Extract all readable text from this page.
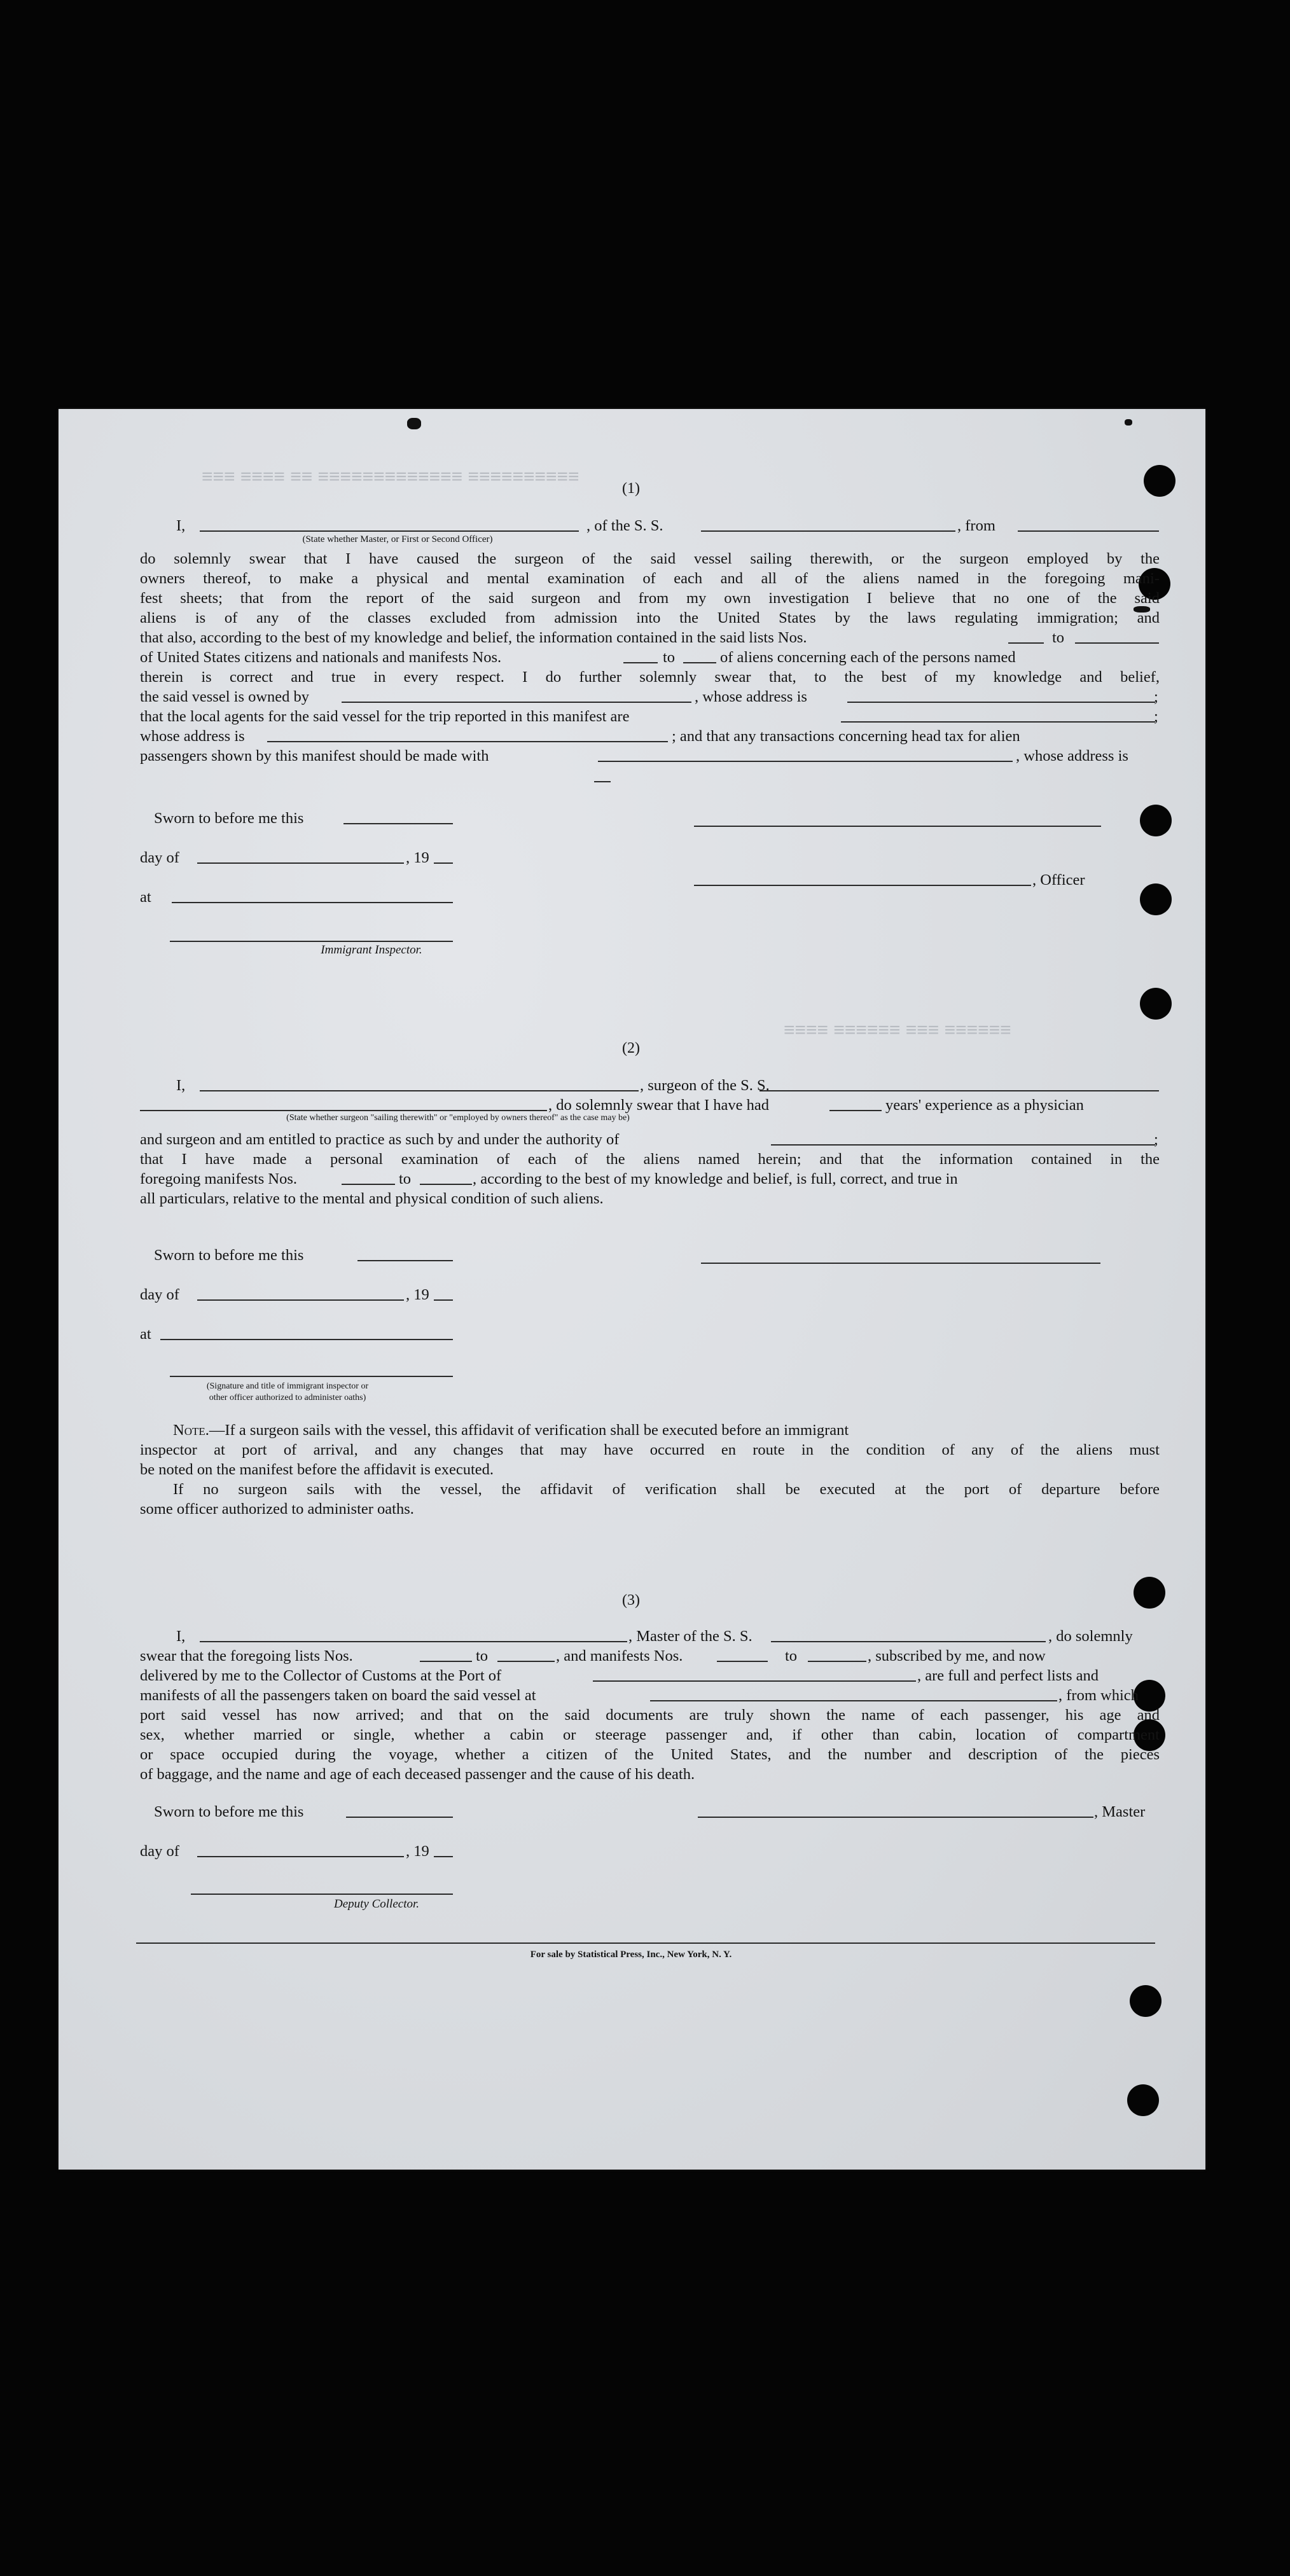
≡≡≡ ≡≡≡≡ ≡≡ ≡≡≡≡≡≡≡≡≡≡≡≡≡ ≡≡≡≡≡≡≡≡≡≡
≡≡≡≡ ≡≡≡≡≡≡ ≡≡≡ ≡≡≡≡≡≡
(1)
I,
(State whether Master, or First or Second Officer)
, of the S. S.	, from
do solemnly swear that I have caused the surgeon of the said vessel sailing therewith, or the surgeon employed by the
owners thereof, to make a physical and mental examination of each and all of the aliens named in the foregoing mani-
fest sheets; that from the report of the said surgeon and from my own investigation I believe that no one of the said
aliens is of any of the classes excluded from admission into the United States by the laws regulating immigration; and
that also, according to the best of my knowledge and belief, the information contained in the said lists Nos.	to
of United States citizens and nationals and manifests Nos.	to	of aliens concerning each of the persons named
therein is correct and true in every respect. I do further solemnly swear that, to the best of my knowledge and belief,
the said vessel is owned by	, whose address is	;
that the local agents for the said vessel for the trip reported in this manifest are	;
whose address is	; and that any transactions concerning head tax for alien
passengers shown by this manifest should be made with	, whose address is
Sworn to before me this
day of	, 19
at
, Officer
Immigrant Inspector.
(2)
I,	, surgeon of the S. S.
, do solemnly swear that I have had	years' experience as a physician
(State whether surgeon "sailing therewith" or "employed by owners thereof" as the case may be)
and surgeon and am entitled to practice as such by and under the authority of	;
that I have made a personal examination of each of the aliens named herein; and that the information contained in the
foregoing manifests Nos.	to	, according to the best of my knowledge and belief, is full, correct, and true in
all particulars, relative to the mental and physical condition of such aliens.
Sworn to before me this
day of	, 19
at
(Signature and title of immigrant inspector or
other officer authorized to administer oaths)
Note.—If a surgeon sails with the vessel, this affidavit of verification shall be executed before an immigrant
inspector at port of arrival, and any changes that may have occurred en route in the condition of any of the aliens must
be noted on the manifest before the affidavit is executed.
If no surgeon sails with the vessel, the affidavit of verification shall be executed at the port of departure before
some officer authorized to administer oaths.
(3)
I,	, Master of the S. S.	, do solemnly
swear that the foregoing lists Nos.	to	, and manifests Nos.	to	, subscribed by me, and now
delivered by me to the Collector of Customs at the Port of	, are full and perfect lists and
manifests of all the passengers taken on board the said vessel at	, from which
port said vessel has now arrived; and that on the said documents are truly shown the name of each passenger, his age and
sex, whether married or single, whether a cabin or steerage passenger and, if other than cabin, location of compartment
or space occupied during the voyage, whether a citizen of the United States, and the number and description of the pieces
of baggage, and the name and age of each deceased passenger and the cause of his death.
Sworn to before me this	, Master
day of	, 19
Deputy Collector.
For sale by Statistical Press, Inc., New York, N. Y.
